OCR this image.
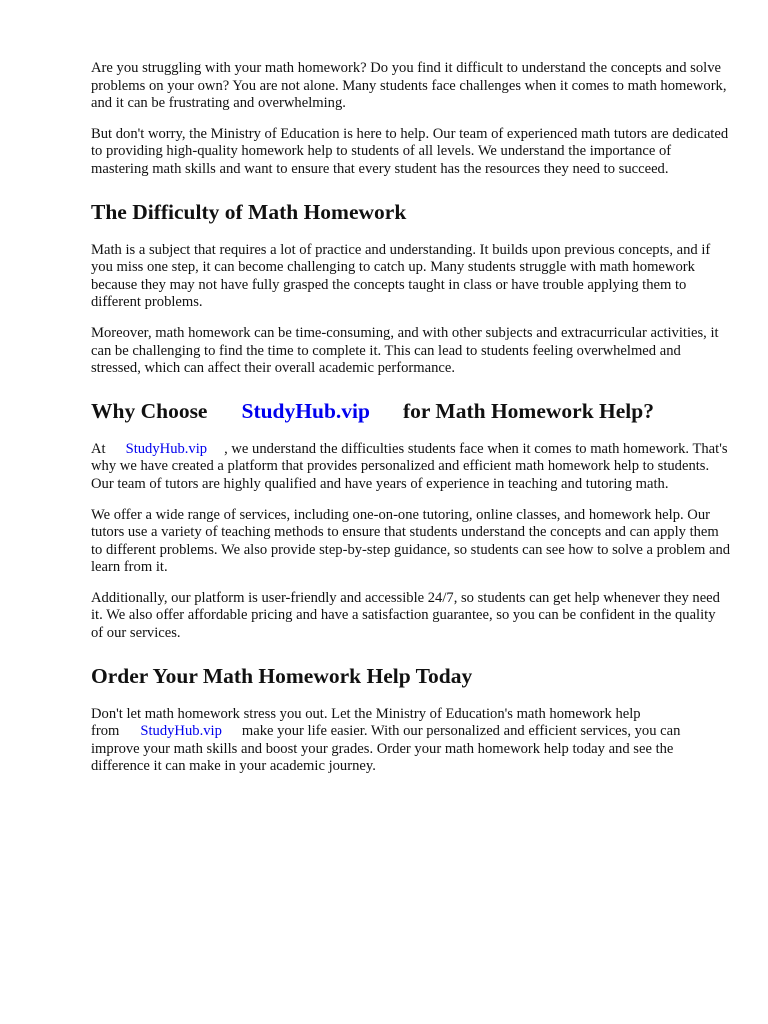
Are you struggling with your math homework? Do you find it difficult to understand the concepts and solve problems on your own? You are not alone. Many students face challenges when it comes to math homework, and it can be frustrating and overwhelming.

But don't worry, the Ministry of Education is here to help. Our team of experienced math tutors are dedicated to providing high-quality homework help to students of all levels. We understand the importance of mastering math skills and want to ensure that every student has the resources they need to succeed.

The Difficulty of Math Homework

Math is a subject that requires a lot of practice and understanding. It builds upon previous concepts, and if you miss one step, it can become challenging to catch up. Many students struggle with math homework because they may not have fully grasped the concepts taught in class or have trouble applying them to different problems.

Moreover, math homework can be time-consuming, and with other subjects and extracurricular activities, it can be challenging to find the time to complete it. This can lead to students feeling overwhelmed and stressed, which can affect their overall academic performance.

Why Choose StudyHub.vip for Math Homework Help?

At StudyHub.vip , we understand the difficulties students face when it comes to math homework. That's why we have created a platform that provides personalized and efficient math homework help to students. Our team of tutors are highly qualified and have years of experience in teaching and tutoring math.

We offer a wide range of services, including one-on-one tutoring, online classes, and homework help. Our tutors use a variety of teaching methods to ensure that students understand the concepts and can apply them to different problems. We also provide step-by-step guidance, so students can see how to solve a problem and learn from it.

Additionally, our platform is user-friendly and accessible 24/7, so students can get help whenever they need it. We also offer affordable pricing and have a satisfaction guarantee, so you can be confident in the quality of our services.

Order Your Math Homework Help Today

Don't let math homework stress you out. Let the Ministry of Education's math homework help from StudyHub.vip make your life easier. With our personalized and efficient services, you can improve your math skills and boost your grades. Order your math homework help today and see the difference it can make in your academic journey.
